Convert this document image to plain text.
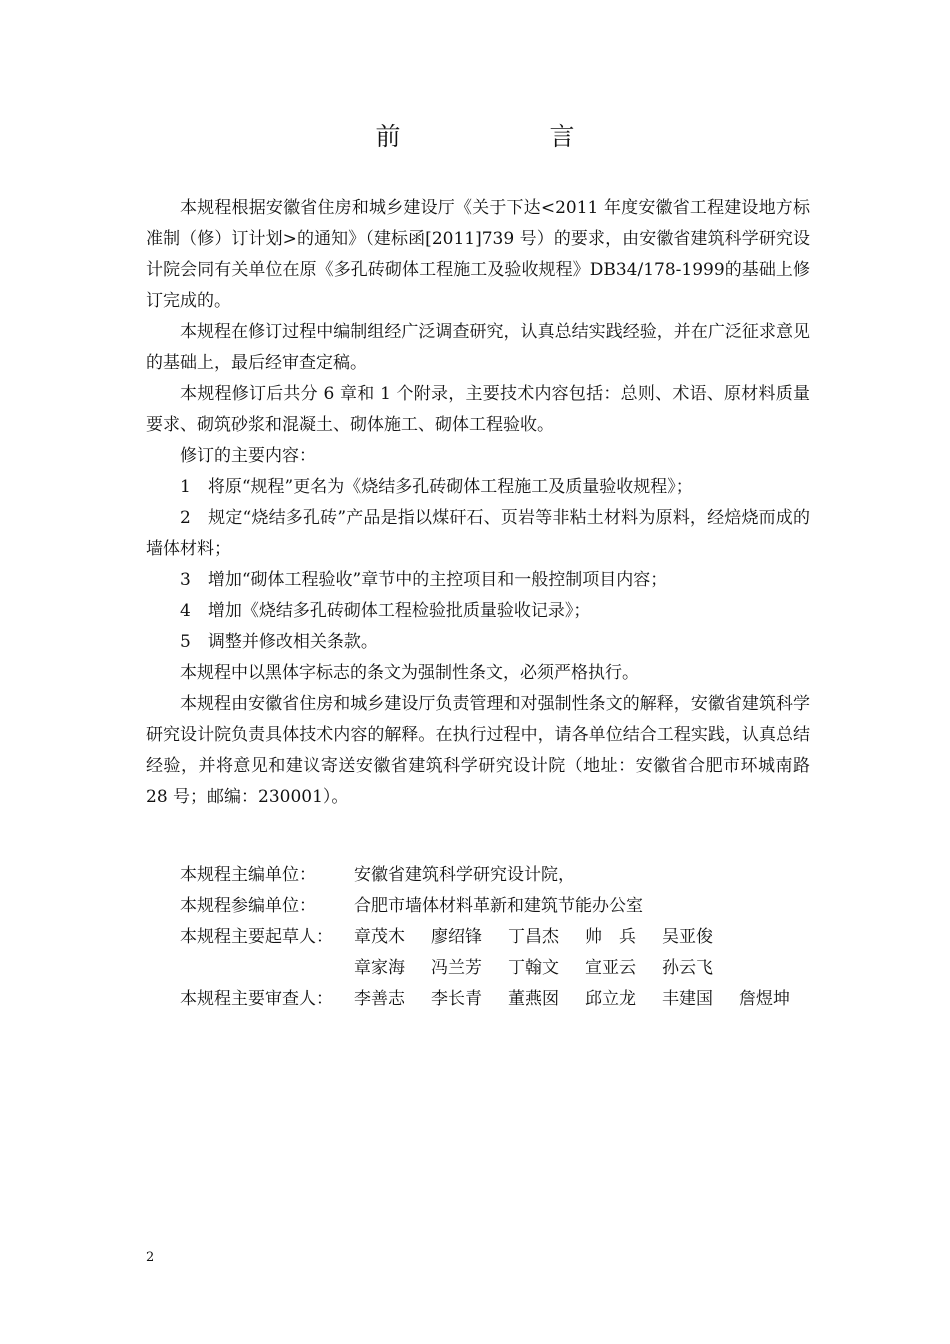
前　言

本规程根据安徽省住房和城乡建设厅《关于下达<2011 年度安徽省工程建设地方标准制（修）订计划>的通知》（建标函[2011]739 号）的要求，由安徽省建筑科学研究设计院会同有关单位在原《多孔砖砌体工程施工及验收规程》DB34/178-1999的基础上修订完成的。

本规程在修订过程中编制组经广泛调查研究，认真总结实践经验，并在广泛征求意见的基础上，最后经审查定稿。

本规程修订后共分 6 章和 1 个附录，主要技术内容包括：总则、术语、原材料质量要求、砌筑砂浆和混凝土、砌体施工、砌体工程验收。

修订的主要内容：

1　将原“规程”更名为《烧结多孔砖砌体工程施工及质量验收规程》；

2　规定“烧结多孔砖”产品是指以煤矸石、页岩等非粘土材料为原料，经焙烧而成的墙体材料；

3　增加“砌体工程验收”章节中的主控项目和一般控制项目内容；

4　增加《烧结多孔砖砌体工程检验批质量验收记录》；

5　调整并修改相关条款。

本规程中以黑体字标志的条文为强制性条文，必须严格执行。

本规程由安徽省住房和城乡建设厅负责管理和对强制性条文的解释，安徽省建筑科学研究设计院负责具体技术内容的解释。在执行过程中，请各单位结合工程实践，认真总结经验，并将意见和建议寄送安徽省建筑科学研究设计院（地址：安徽省合肥市环城南路 28 号；邮编：230001）。

本规程主编单位：	安徽省建筑科学研究设计院，
本规程参编单位：	合肥市墙体材料革新和建筑节能办公室
本规程主要起草人：	章茂木 廖绍锋 丁昌杰 帅　兵 吴亚俊
章家海 冯兰芳 丁翰文 宣亚云 孙云飞
本规程主要审查人：	李善志 李长青 董燕囡 邱立龙 丰建国 詹煜坤
2
